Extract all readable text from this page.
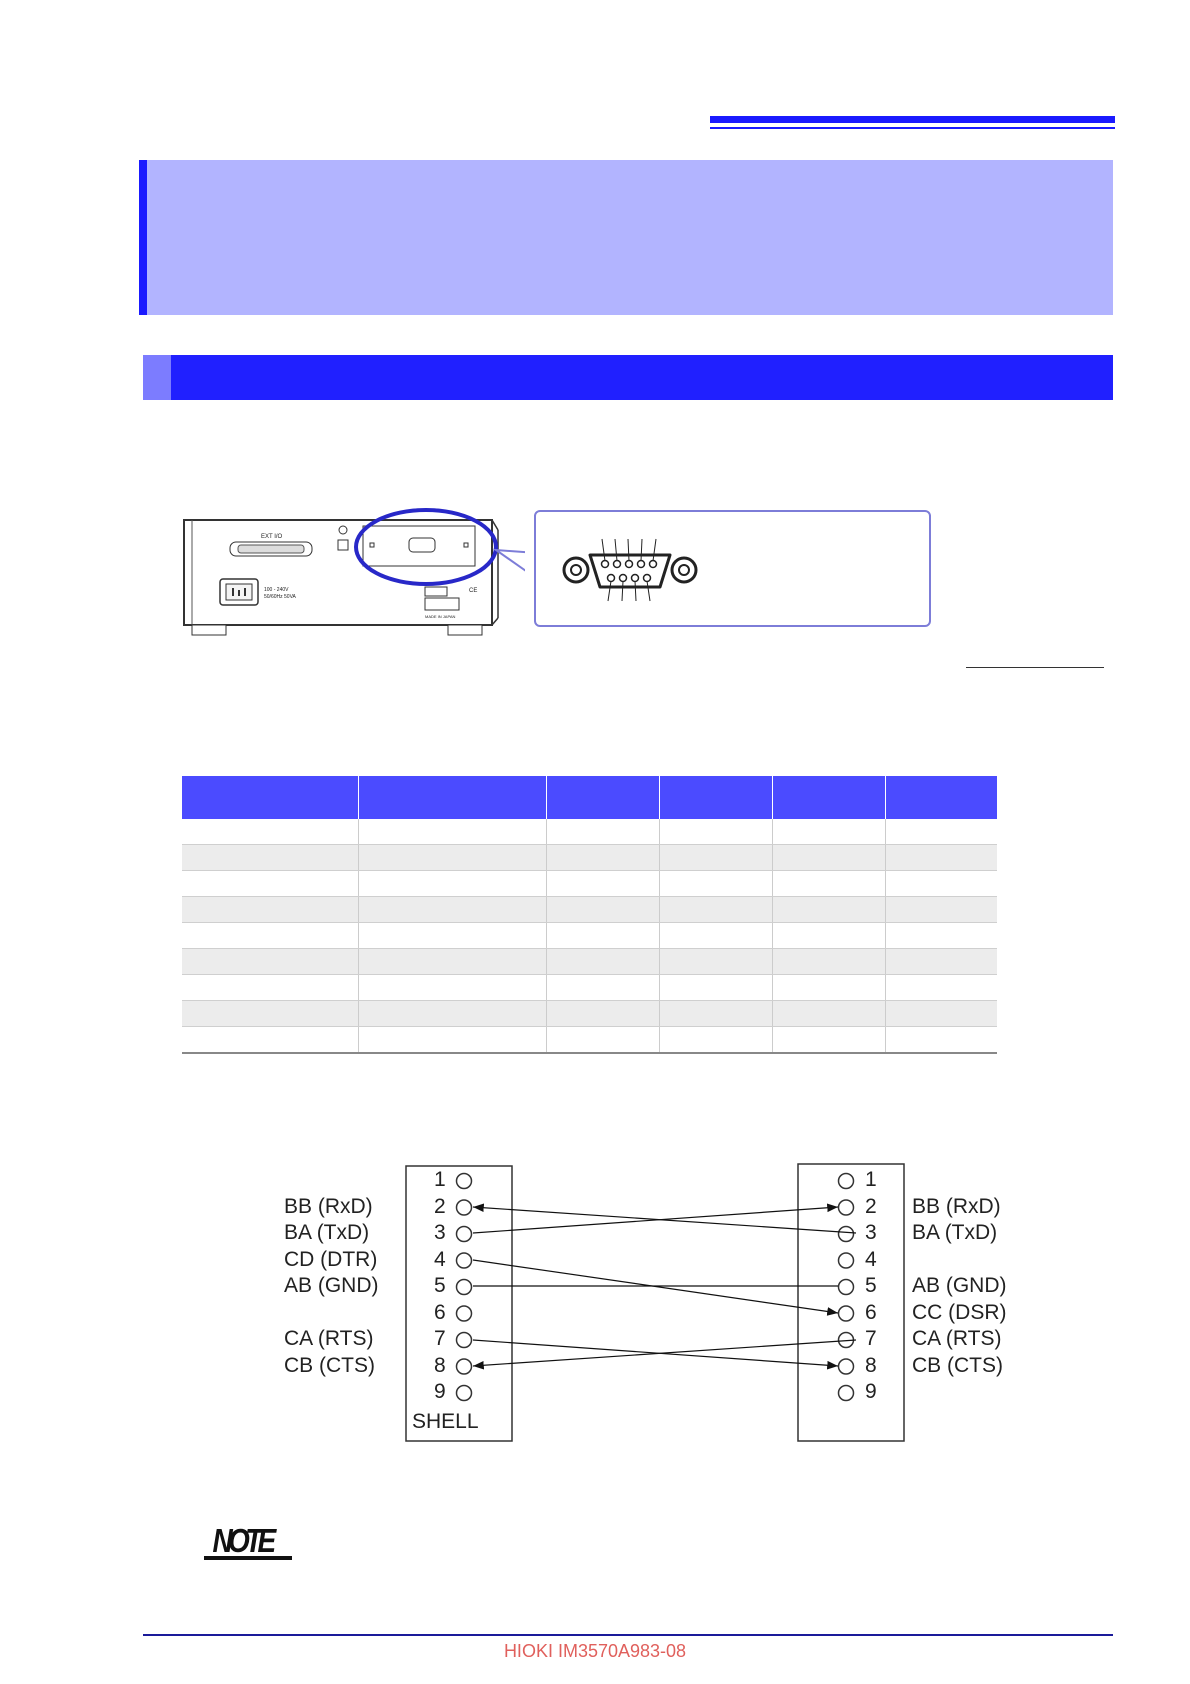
EXT I/O
100 - 240V
50/60Hz 50VA
CE
MADE IN JAPAN

1
2
BB (RxD)
3
BA (TxD)
4
CD (DTR)
5
AB (GND)
6
7
CA (RTS)
8
CB (CTS)
9
1
2 BB (RxD)
3 BA (TxD)
4
5 AB (GND)
6 CC (DSR)
7 CA (RTS)
8 CB (CTS)
9
SHELL
NOTE
HIOKI IM3570A983-08
